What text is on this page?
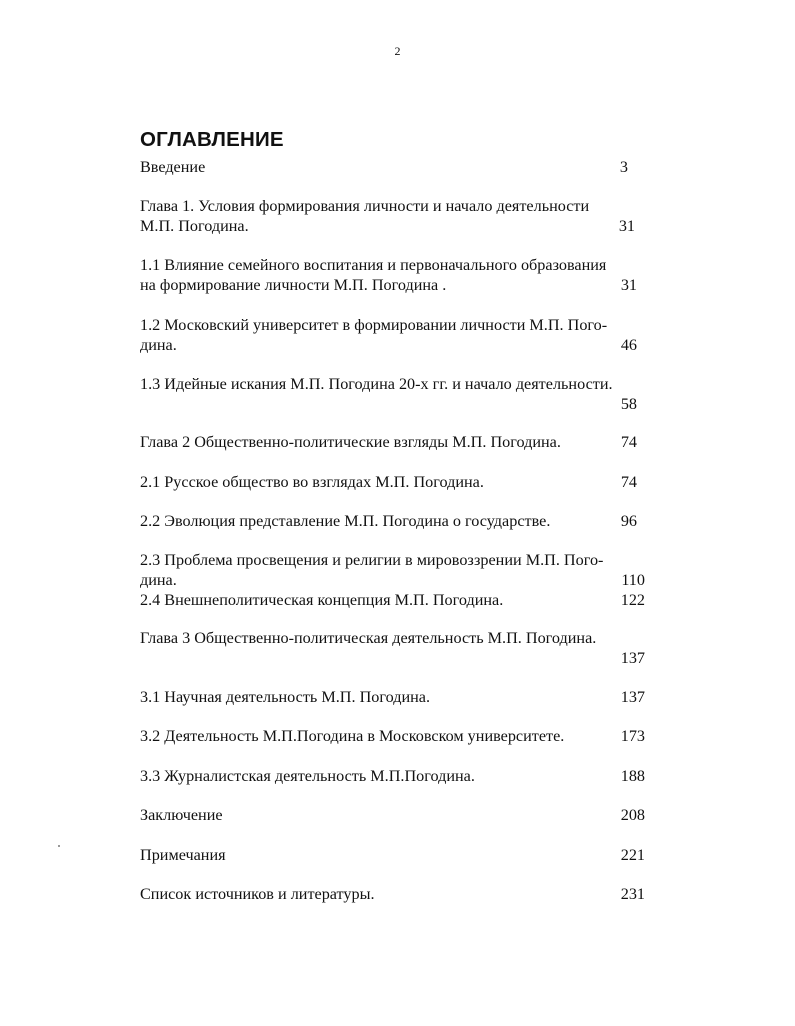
2
ОГЛАВЛЕНИЕ
Введение	3
Глава 1. Условия формирования личности и начало деятельности
М.П. Погодина.	31
1.1 Влияние семейного воспитания и первоначального образования
на формирование личности М.П. Погодина .	31
1.2 Московский университет в формировании личности М.П. Пого-
дина.	46
1.3 Идейные искания М.П. Погодина 20-х гг. и начало деятельности.
58
Глава 2 Общественно-политические взгляды М.П. Погодина.	74
2.1 Русское общество во взглядах М.П. Погодина.	74
2.2 Эволюция представление М.П. Погодина о государстве.	96
2.3 Проблема просвещения и религии в мировоззрении М.П. Пого-
дина.	110
2.4 Внешнеполитическая концепция М.П. Погодина.	122
Глава 3 Общественно-политическая деятельность М.П. Погодина.
137
3.1 Научная деятельность М.П. Погодина.	137
3.2 Деятельность М.П.Погодина в Московском университете.	173
3.3 Журналистская деятельность М.П.Погодина.	188
Заключение	208
Примечания	221
Список источников и литературы.	231
